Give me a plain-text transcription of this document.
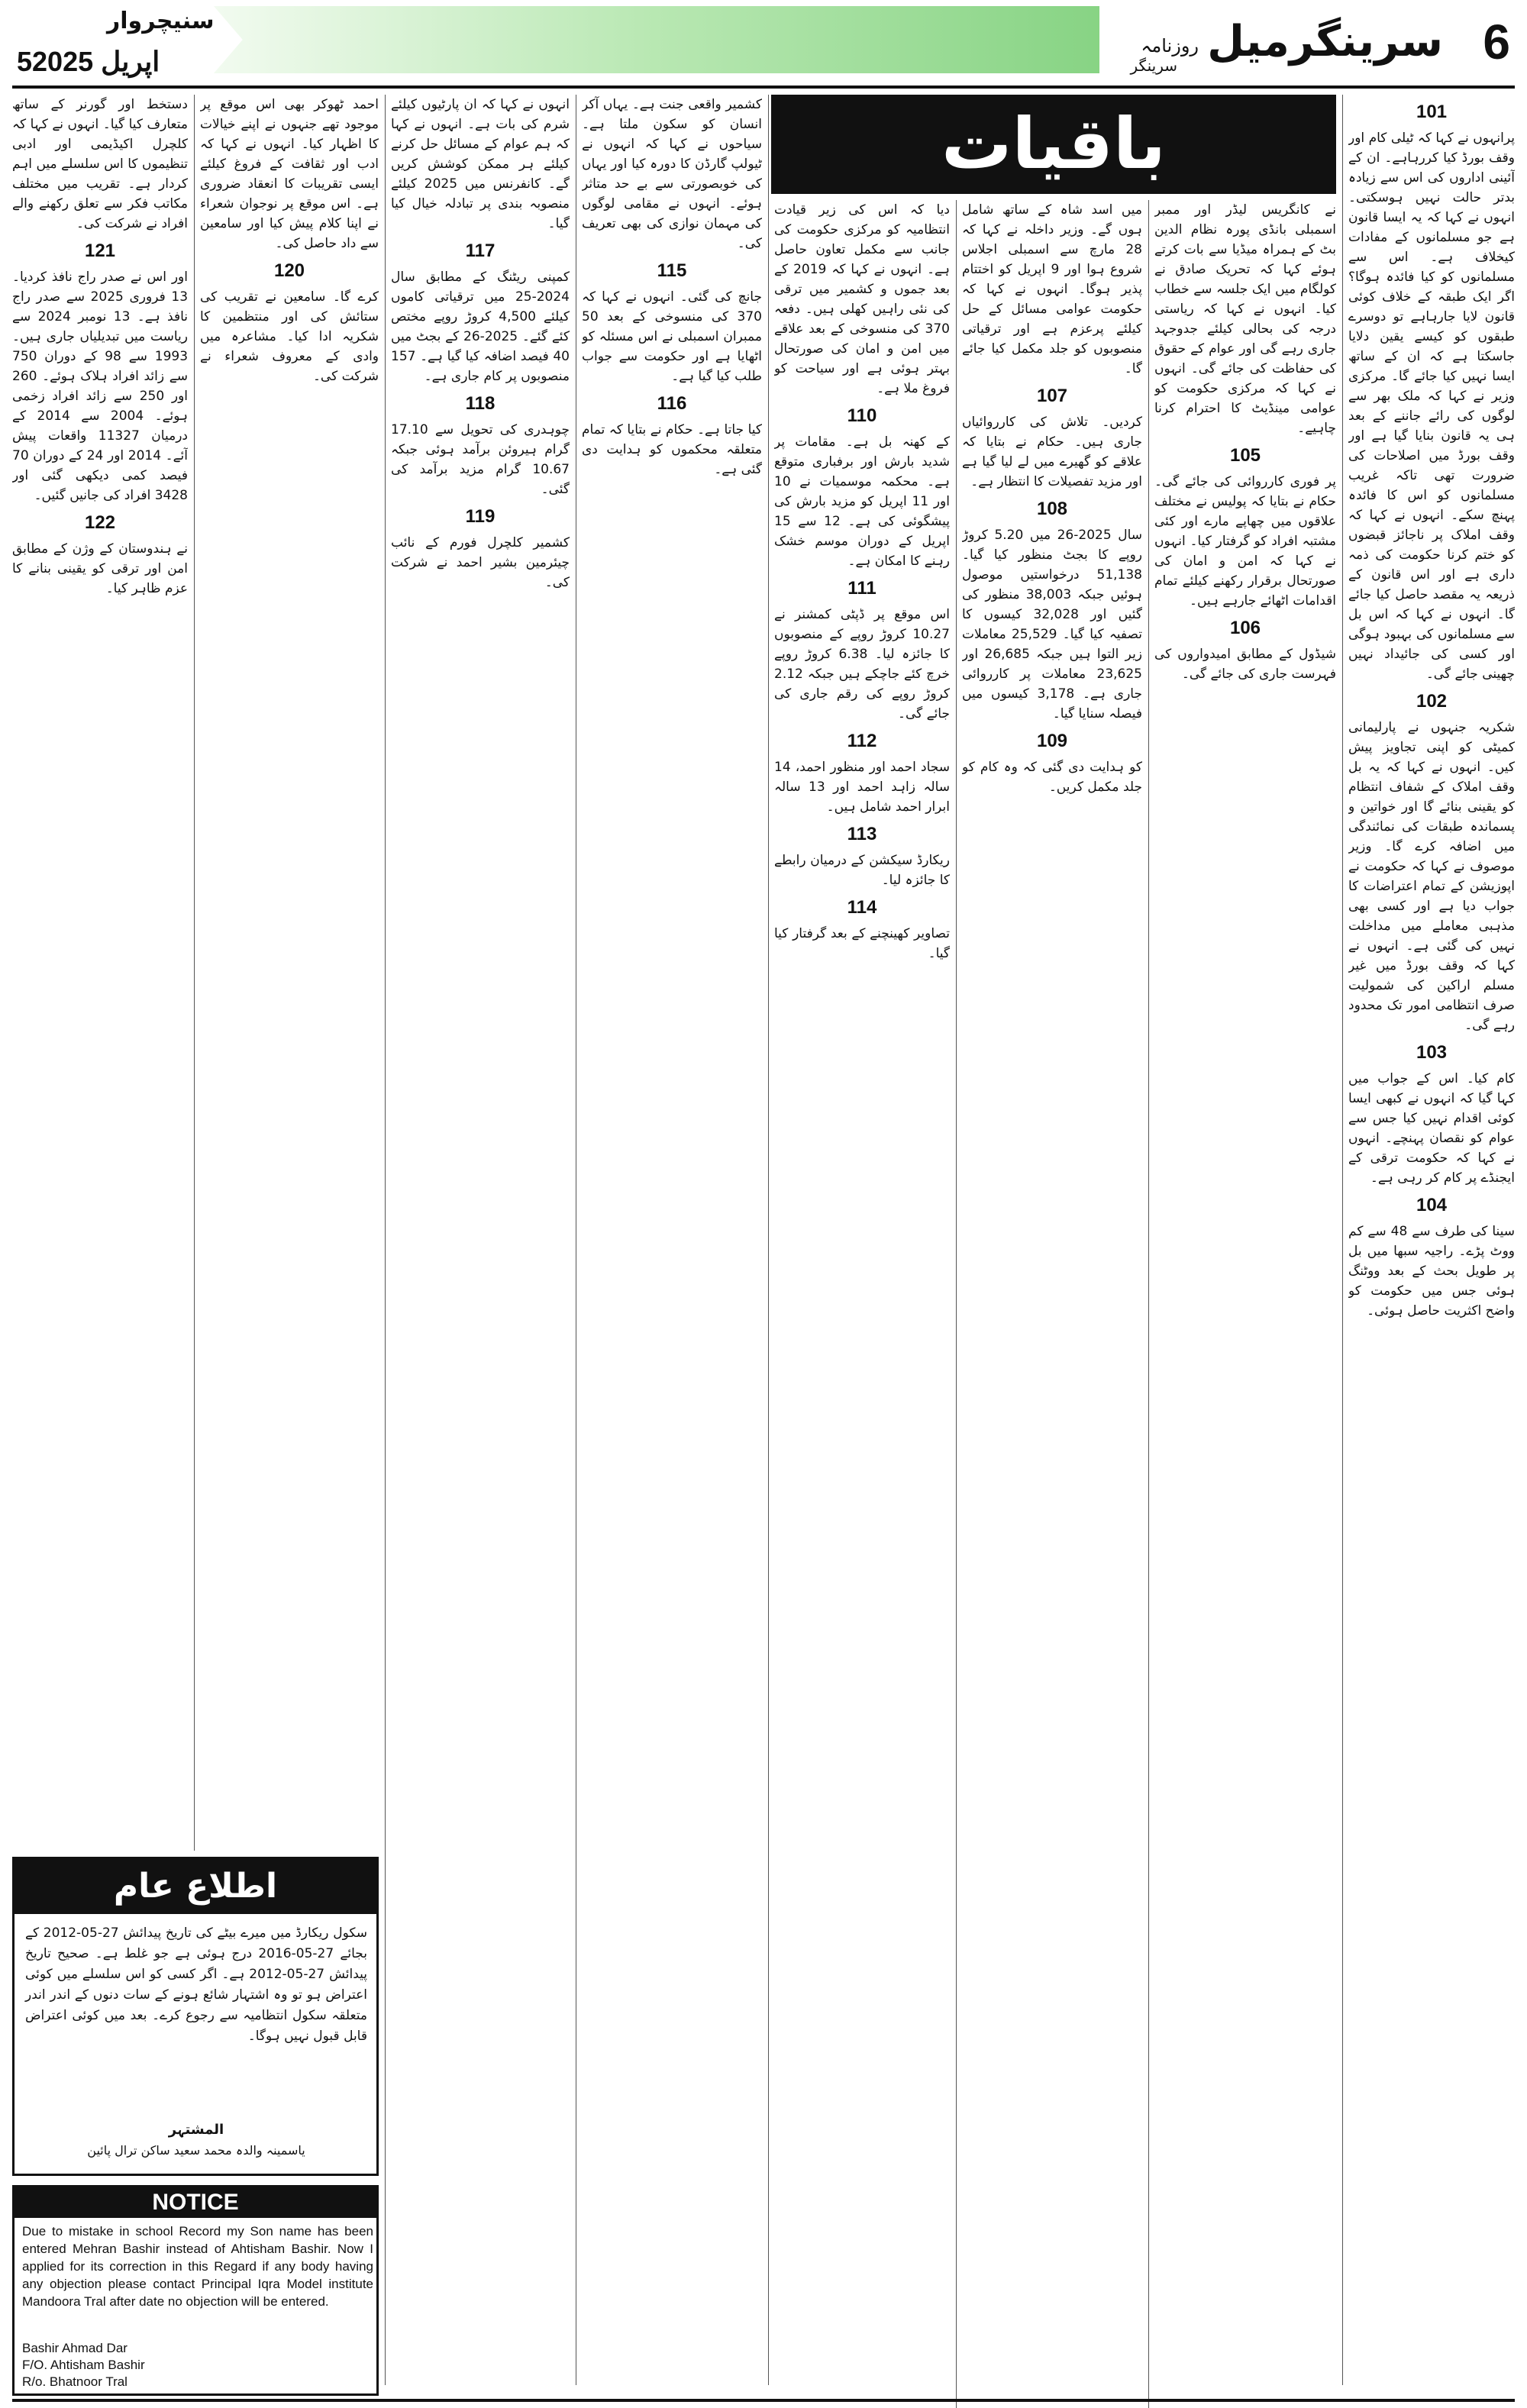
6
سرینگرمیل
روزنامہ
سرینگر
سنیچروار
5اپریل 2025
باقیات	101

پرانہوں نے کہا کہ ٹیلی کام اور وقف بورڈ کیا کررہاہے۔ ان کے آئینی اداروں کی اس سے زیادہ بدتر حالت نہیں ہوسکتی۔ انہوں نے کہا کہ یہ ایسا قانون ہے جو مسلمانوں کے مفادات کیخلاف ہے۔ اس سے مسلمانوں کو کیا فائدہ ہوگا؟ اگر ایک طبقہ کے خلاف کوئی قانون لایا جارہاہے تو دوسرے طبقوں کو کیسے یقین دلایا جاسکتا ہے کہ ان کے ساتھ ایسا نہیں کیا جائے گا۔ مرکزی وزیر نے کہا کہ ملک بھر سے لوگوں کی رائے جاننے کے بعد ہی یہ قانون بنایا گیا ہے اور وقف بورڈ میں اصلاحات کی ضرورت تھی تاکہ غریب مسلمانوں کو اس کا فائدہ پہنچ سکے۔ انہوں نے کہا کہ وقف املاک پر ناجائز قبضوں کو ختم کرنا حکومت کی ذمہ داری ہے اور اس قانون کے ذریعہ یہ مقصد حاصل کیا جائے گا۔ انہوں نے کہا کہ اس بل سے مسلمانوں کی بہبود ہوگی اور کسی کی جائیداد نہیں چھینی جائے گی۔

102

شکریہ جنہوں نے پارلیمانی کمیٹی کو اپنی تجاویز پیش کیں۔ انہوں نے کہا کہ یہ بل وقف املاک کے شفاف انتظام کو یقینی بنائے گا اور خواتین و پسماندہ طبقات کی نمائندگی میں اضافہ کرے گا۔ وزیر موصوف نے کہا کہ حکومت نے اپوزیشن کے تمام اعتراضات کا جواب دیا ہے اور کسی بھی مذہبی معاملے میں مداخلت نہیں کی گئی ہے۔ انہوں نے کہا کہ وقف بورڈ میں غیر مسلم اراکین کی شمولیت صرف انتظامی امور تک محدود رہے گی۔

103

کام کیا۔ اس کے جواب میں کہا گیا کہ انہوں نے کبھی ایسا کوئی اقدام نہیں کیا جس سے عوام کو نقصان پہنچے۔ انہوں نے کہا کہ حکومت ترقی کے ایجنڈے پر کام کر رہی ہے۔

104

سینا کی طرف سے 48 سے کم ووٹ پڑے۔ راجیہ سبھا میں بل پر طویل بحث کے بعد ووٹنگ ہوئی جس میں حکومت کو واضح اکثریت حاصل ہوئی۔

نے کانگریس لیڈر اور ممبر اسمبلی بانڈی پورہ نظام الدین بٹ کے ہمراہ میڈیا سے بات کرتے ہوئے کہا کہ تحریک صادق نے کولگام میں ایک جلسہ سے خطاب کیا۔ انہوں نے کہا کہ ریاستی درجہ کی بحالی کیلئے جدوجہد جاری رہے گی اور عوام کے حقوق کی حفاظت کی جائے گی۔ انہوں نے کہا کہ مرکزی حکومت کو عوامی مینڈیٹ کا احترام کرنا چاہیے۔

105

پر فوری کارروائی کی جائے گی۔ حکام نے بتایا کہ پولیس نے مختلف علاقوں میں چھاپے مارے اور کئی مشتبہ افراد کو گرفتار کیا۔ انہوں نے کہا کہ امن و امان کی صورتحال برقرار رکھنے کیلئے تمام اقدامات اٹھائے جارہے ہیں۔

106

شیڈول کے مطابق امیدواروں کی فہرست جاری کی جائے گی۔

میں اسد شاہ کے ساتھ شامل ہوں گے۔ وزیر داخلہ نے کہا کہ 28 مارچ سے اسمبلی اجلاس شروع ہوا اور 9 اپریل کو اختتام پذیر ہوگا۔ انہوں نے کہا کہ حکومت عوامی مسائل کے حل کیلئے پرعزم ہے اور ترقیاتی منصوبوں کو جلد مکمل کیا جائے گا۔

107

کردیں۔ تلاش کی کارروائیاں جاری ہیں۔ حکام نے بتایا کہ علاقے کو گھیرے میں لے لیا گیا ہے اور مزید تفصیلات کا انتظار ہے۔

108

سال 2025-26 میں 5.20 کروڑ روپے کا بجٹ منظور کیا گیا۔ 51,138 درخواستیں موصول ہوئیں جبکہ 38,003 منظور کی گئیں اور 32,028 کیسوں کا تصفیہ کیا گیا۔ 25,529 معاملات زیر التوا ہیں جبکہ 26,685 اور 23,625 معاملات پر کارروائی جاری ہے۔ 3,178 کیسوں میں فیصلہ سنایا گیا۔

109

کو ہدایت دی گئی کہ وہ کام کو جلد مکمل کریں۔

دیا کہ اس کی زیر قیادت انتظامیہ کو مرکزی حکومت کی جانب سے مکمل تعاون حاصل ہے۔ انہوں نے کہا کہ 2019 کے بعد جموں و کشمیر میں ترقی کی نئی راہیں کھلی ہیں۔ دفعہ 370 کی منسوخی کے بعد علاقے میں امن و امان کی صورتحال بہتر ہوئی ہے اور سیاحت کو فروغ ملا ہے۔

110

کے کھنہ بل ہے۔ مقامات پر شدید بارش اور برفباری متوقع ہے۔ محکمہ موسمیات نے 10 اور 11 اپریل کو مزید بارش کی پیشگوئی کی ہے۔ 12 سے 15 اپریل کے دوران موسم خشک رہنے کا امکان ہے۔

111

اس موقع پر ڈپٹی کمشنر نے 10.27 کروڑ روپے کے منصوبوں کا جائزہ لیا۔ 6.38 کروڑ روپے خرچ کئے جاچکے ہیں جبکہ 2.12 کروڑ روپے کی رقم جاری کی جائے گی۔

112

سجاد احمد اور منظور احمد، 14 سالہ زاہد احمد اور 13 سالہ ابرار احمد شامل ہیں۔

113

ریکارڈ سیکشن کے درمیان رابطے کا جائزہ لیا۔

114

تصاویر کھینچنے کے بعد گرفتار کیا گیا۔

کشمیر واقعی جنت ہے۔ یہاں آکر انسان کو سکون ملتا ہے۔ سیاحوں نے کہا کہ انہوں نے ٹیولپ گارڈن کا دورہ کیا اور یہاں کی خوبصورتی سے بے حد متاثر ہوئے۔ انہوں نے مقامی لوگوں کی مہمان نوازی کی بھی تعریف کی۔

115

جانچ کی گئی۔ انہوں نے کہا کہ 370 کی منسوخی کے بعد 50 ممبران اسمبلی نے اس مسئلہ کو اٹھایا ہے اور حکومت سے جواب طلب کیا گیا ہے۔

116

کیا جاتا ہے۔ حکام نے بتایا کہ تمام متعلقہ محکموں کو ہدایت دی گئی ہے۔

انہوں نے کہا کہ ان پارٹیوں کیلئے شرم کی بات ہے۔ انہوں نے کہا کہ ہم عوام کے مسائل حل کرنے کیلئے ہر ممکن کوشش کریں گے۔ کانفرنس میں 2025 کیلئے منصوبہ بندی پر تبادلہ خیال کیا گیا۔

117

کمپنی ریٹنگ کے مطابق سال 2024-25 میں ترقیاتی کاموں کیلئے 4,500 کروڑ روپے مختص کئے گئے۔ 2025-26 کے بجٹ میں 40 فیصد اضافہ کیا گیا ہے۔ 157 منصوبوں پر کام جاری ہے۔

118

چوہدری کی تحویل سے 17.10 گرام ہیروئن برآمد ہوئی جبکہ 10.67 گرام مزید برآمد کی گئی۔

119

کشمیر کلچرل فورم کے نائب چیئرمین بشیر احمد نے شرکت کی۔

احمد ٹھوکر بھی اس موقع پر موجود تھے جنہوں نے اپنے خیالات کا اظہار کیا۔ انہوں نے کہا کہ ادب اور ثقافت کے فروغ کیلئے ایسی تقریبات کا انعقاد ضروری ہے۔ اس موقع پر نوجوان شعراء نے اپنا کلام پیش کیا اور سامعین سے داد حاصل کی۔

120

کرے گا۔ سامعین نے تقریب کی ستائش کی اور منتظمین کا شکریہ ادا کیا۔ مشاعرہ میں وادی کے معروف شعراء نے شرکت کی۔

دستخط اور گورنر کے ساتھ متعارف کیا گیا۔ انہوں نے کہا کہ کلچرل اکیڈیمی اور ادبی تنظیموں کا اس سلسلے میں اہم کردار ہے۔ تقریب میں مختلف مکاتب فکر سے تعلق رکھنے والے افراد نے شرکت کی۔

121

اور اس نے صدر راج نافذ کردیا۔ 13 فروری 2025 سے صدر راج نافذ ہے۔ 13 نومبر 2024 سے ریاست میں تبدیلیاں جاری ہیں۔ 1993 سے 98 کے دوران 750 سے زائد افراد ہلاک ہوئے۔ 260 اور 250 سے زائد افراد زخمی ہوئے۔ 2004 سے 2014 کے درمیان 11327 واقعات پیش آئے۔ 2014 اور 24 کے دوران 70 فیصد کمی دیکھی گئی اور 3428 افراد کی جانیں گئیں۔

122

نے ہندوستان کے وژن کے مطابق امن اور ترقی کو یقینی بنانے کا عزم ظاہر کیا۔

اطلاع عام
سکول ریکارڈ میں میرے بیٹے کی تاریخ پیدائش 27-05-2012 کے بجائے 27-05-2016 درج ہوئی ہے جو غلط ہے۔ صحیح تاریخ پیدائش 27-05-2012 ہے۔ اگر کسی کو اس سلسلے میں کوئی اعتراض ہو تو وہ اشتہار شائع ہونے کے سات دنوں کے اندر اندر متعلقہ سکول انتظامیہ سے رجوع کرے۔ بعد میں کوئی اعتراض قابل قبول نہیں ہوگا۔
المشتہر
یاسمینہ والدہ محمد سعید ساکن ترال پائین
NOTICE
Due to mistake in school Record my Son name has been entered Mehran Bashir instead of Ahtisham Bashir. Now I applied for its correction in this Regard if any body having any objection please contact Principal Iqra Model institute Mandoora Tral after date no objection will be entered.
Bashir Ahmad Dar
F/O. Ahtisham Bashir
R/o. Bhatnoor Tral
